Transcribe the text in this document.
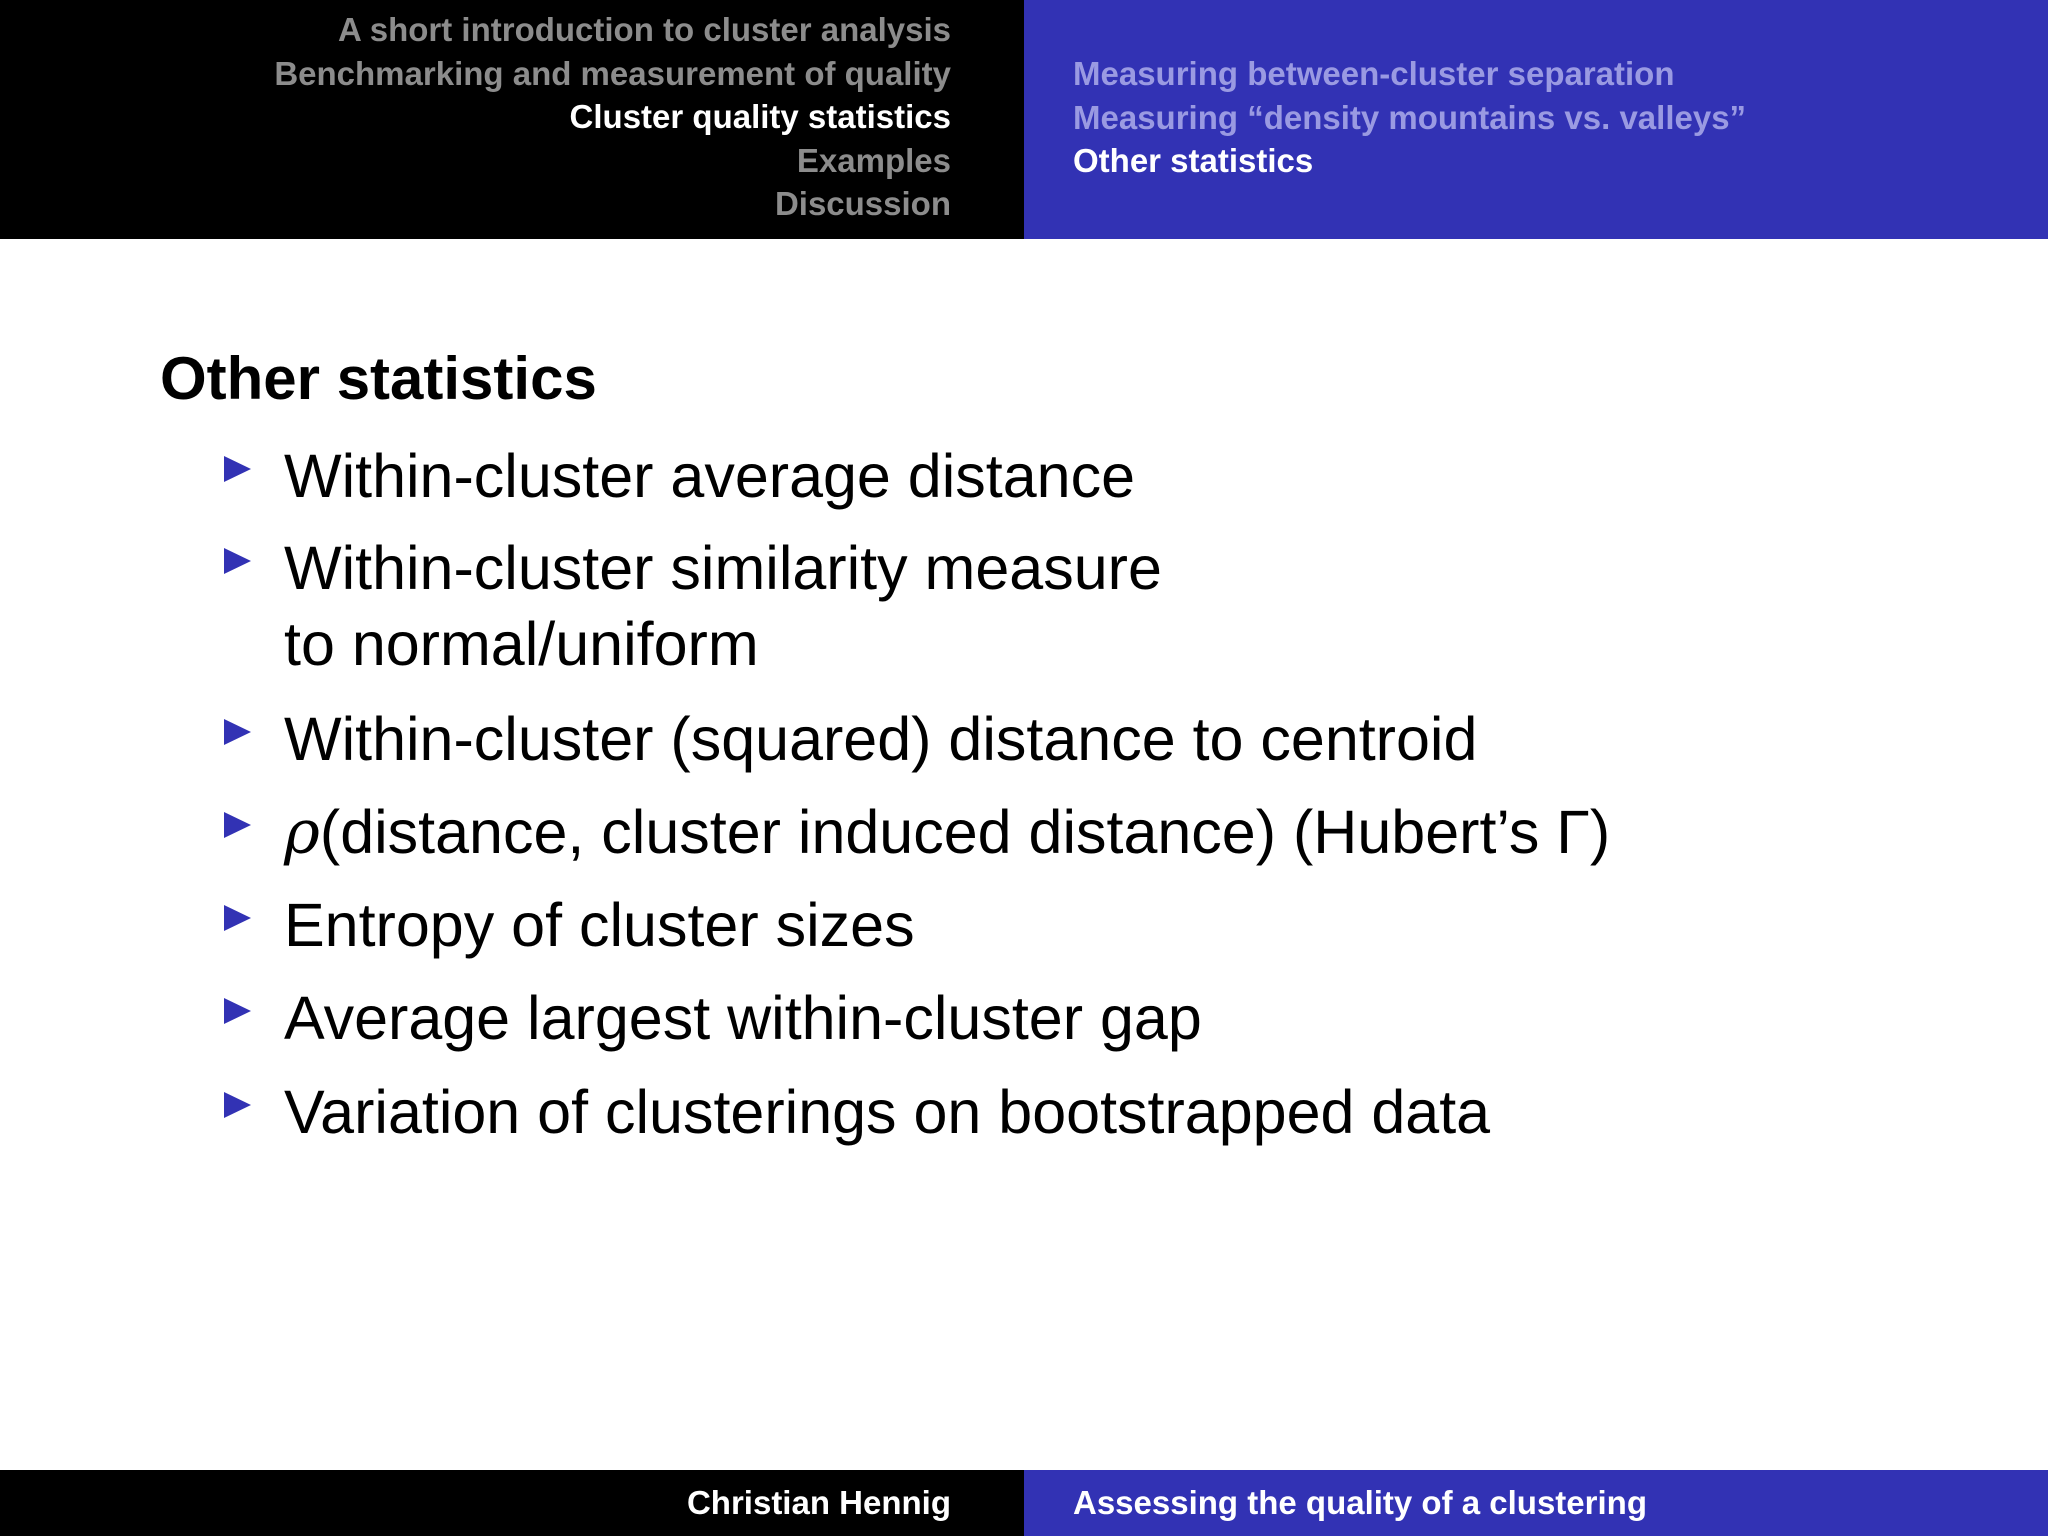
A short introduction to cluster analysis
Benchmarking and measurement of quality
Cluster quality statistics
Examples
Discussion
Measuring between-cluster separation
Measuring “density mountains vs. valleys”
Other statistics
Other statistics
Within-cluster average distance
Within-cluster similarity measure
to normal/uniform
Within-cluster (squared) distance to centroid
ρ(distance, cluster induced distance) (Hubert’s Γ)
Entropy of cluster sizes
Average largest within-cluster gap
Variation of clusterings on bootstrapped data
Christian Hennig	Assessing the quality of a clustering
